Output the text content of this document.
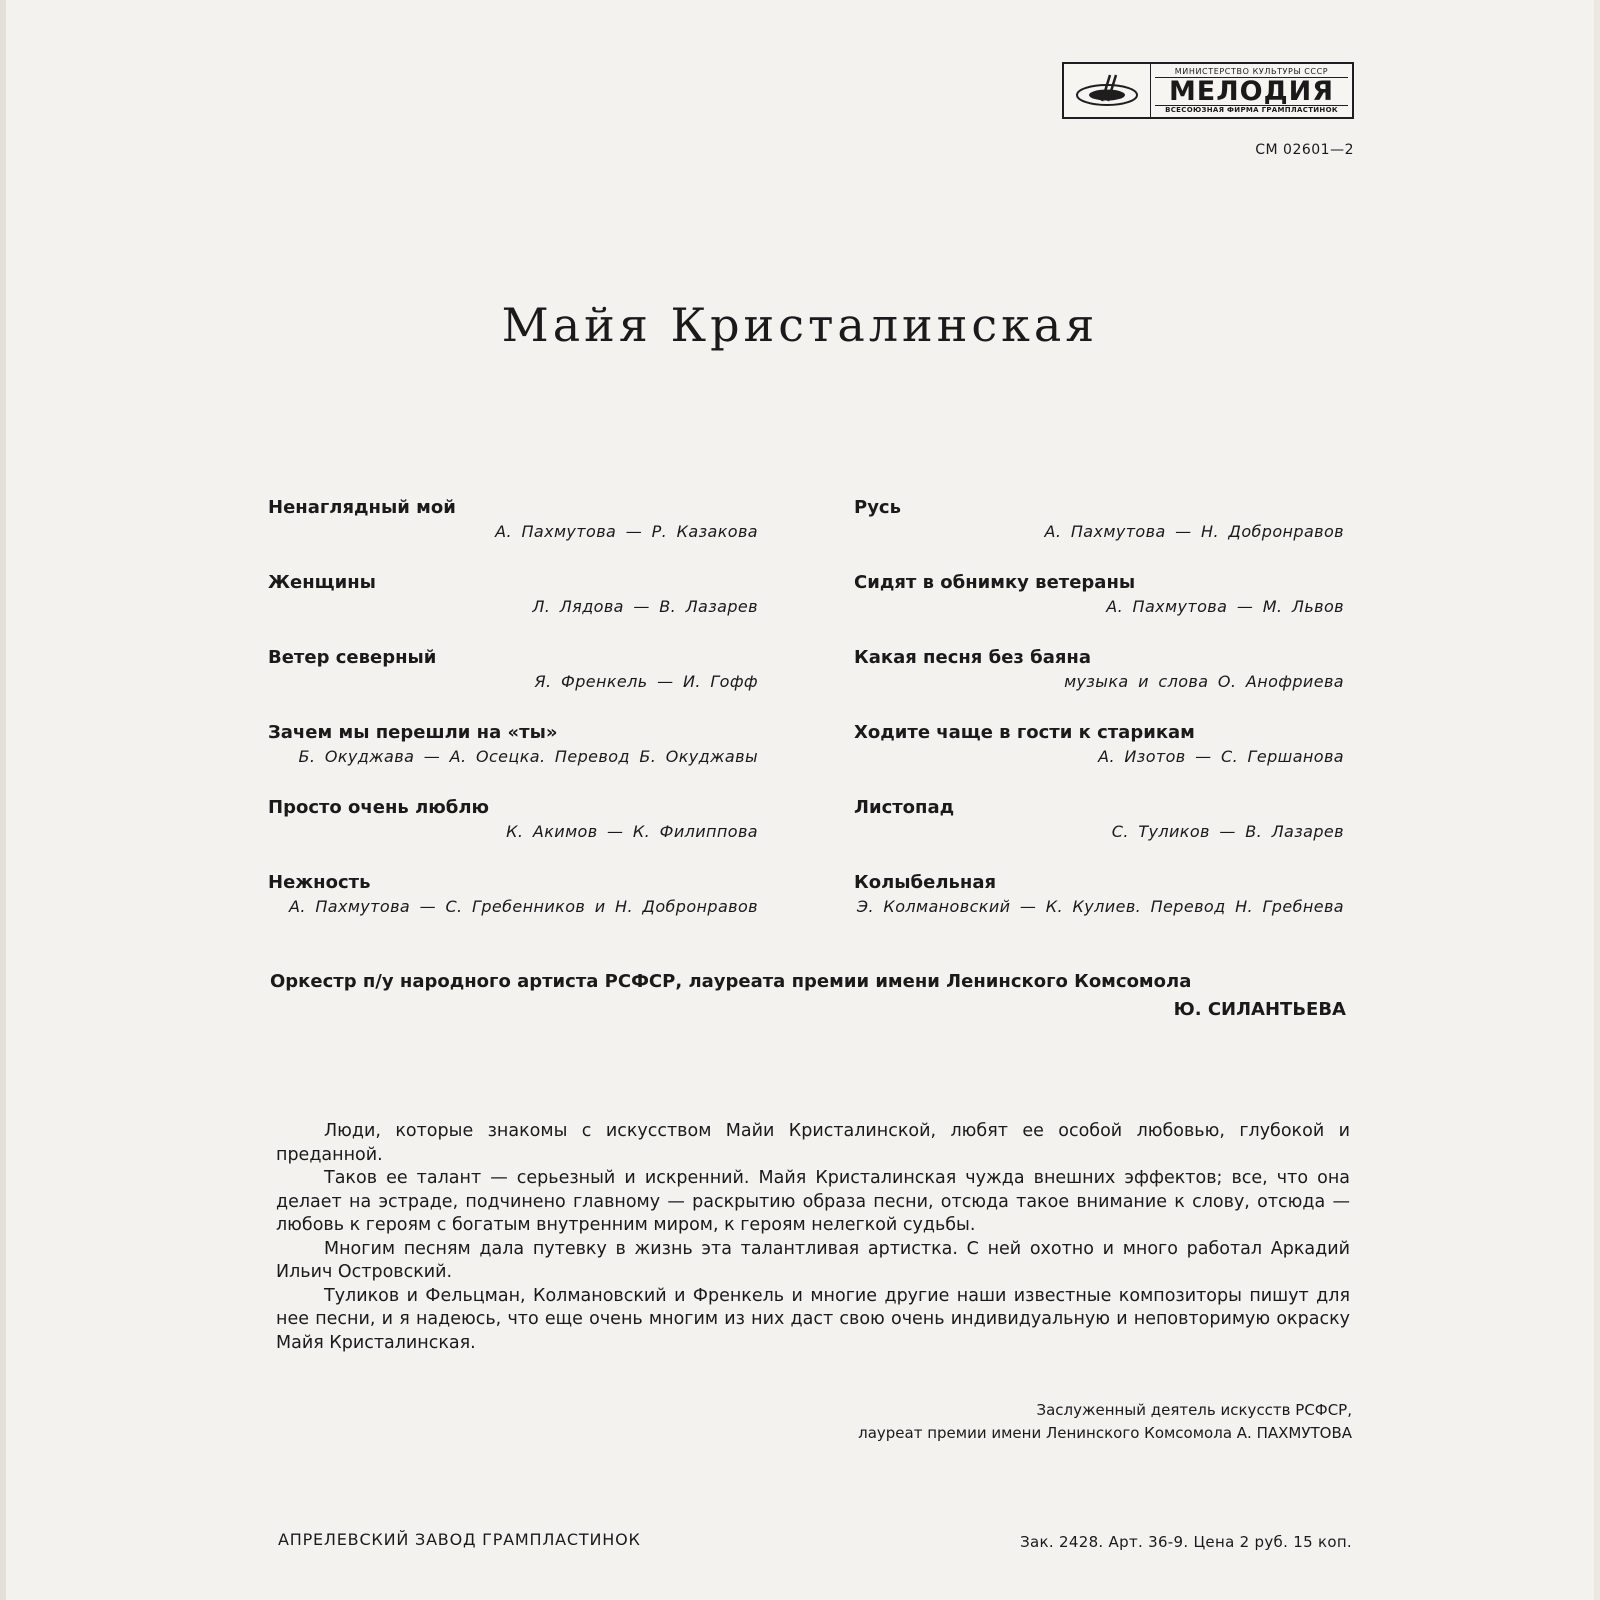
МИНИСТЕРСТВО КУЛЬТУРЫ СССР
МЕЛОДИЯ
ВСЕСОЮЗНАЯ ФИРМА ГРАМПЛАСТИНОК
СМ 02601—2
Майя Кристалинская
Ненаглядный мой
А. Пахмутова — Р. Казакова
Женщины
Л. Лядова — В. Лазарев
Ветер северный
Я. Френкель — И. Гофф
Зачем мы перешли на «ты»
Б. Окуджава — А. Осецка. Перевод Б. Окуджавы
Просто очень люблю
К. Акимов — К. Филиппова
Нежность
А. Пахмутова — С. Гребенников и Н. Добронравов
Русь
А. Пахмутова — Н. Добронравов
Сидят в обнимку ветераны
А. Пахмутова — М. Львов
Какая песня без баяна
музыка и слова О. Анофриева
Ходите чаще в гости к старикам
А. Изотов — С. Гершанова
Листопад
С. Туликов — В. Лазарев
Колыбельная
Э. Колмановский — К. Кулиев. Перевод Н. Гребнева
Оркестр п/у народного артиста РСФСР, лауреата премии имени Ленинского Комсомола
Ю. СИЛАНТЬЕВА

Люди, которые знакомы с искусством Майи Кристалинской, любят ее особой любовью, глубокой и преданной.

Таков ее талант — серьезный и искренний. Майя Кристалинская чужда внешних эффектов; все, что она делает на эстраде, подчинено главному — раскрытию образа песни, отсюда такое внимание к слову, отсюда — любовь к героям с богатым внутренним миром, к героям нелегкой судьбы.

Многим песням дала путевку в жизнь эта талантливая артистка. С ней охотно и много работал Аркадий Ильич Островский.

Туликов и Фельцман, Колмановский и Френкель и многие другие наши известные композиторы пишут для нее песни, и я надеюсь, что еще очень многим из них даст свою очень индивидуальную и неповторимую окраску Майя Кристалинская.

Заслуженный деятель искусств РСФСР,
лауреат премии имени Ленинского Комсомола А. ПАХМУТОВА
АПРЕЛЕВСКИЙ ЗАВОД ГРАМПЛАСТИНОК	Зак. 2428. Арт. 36-9. Цена 2 руб. 15 коп.
